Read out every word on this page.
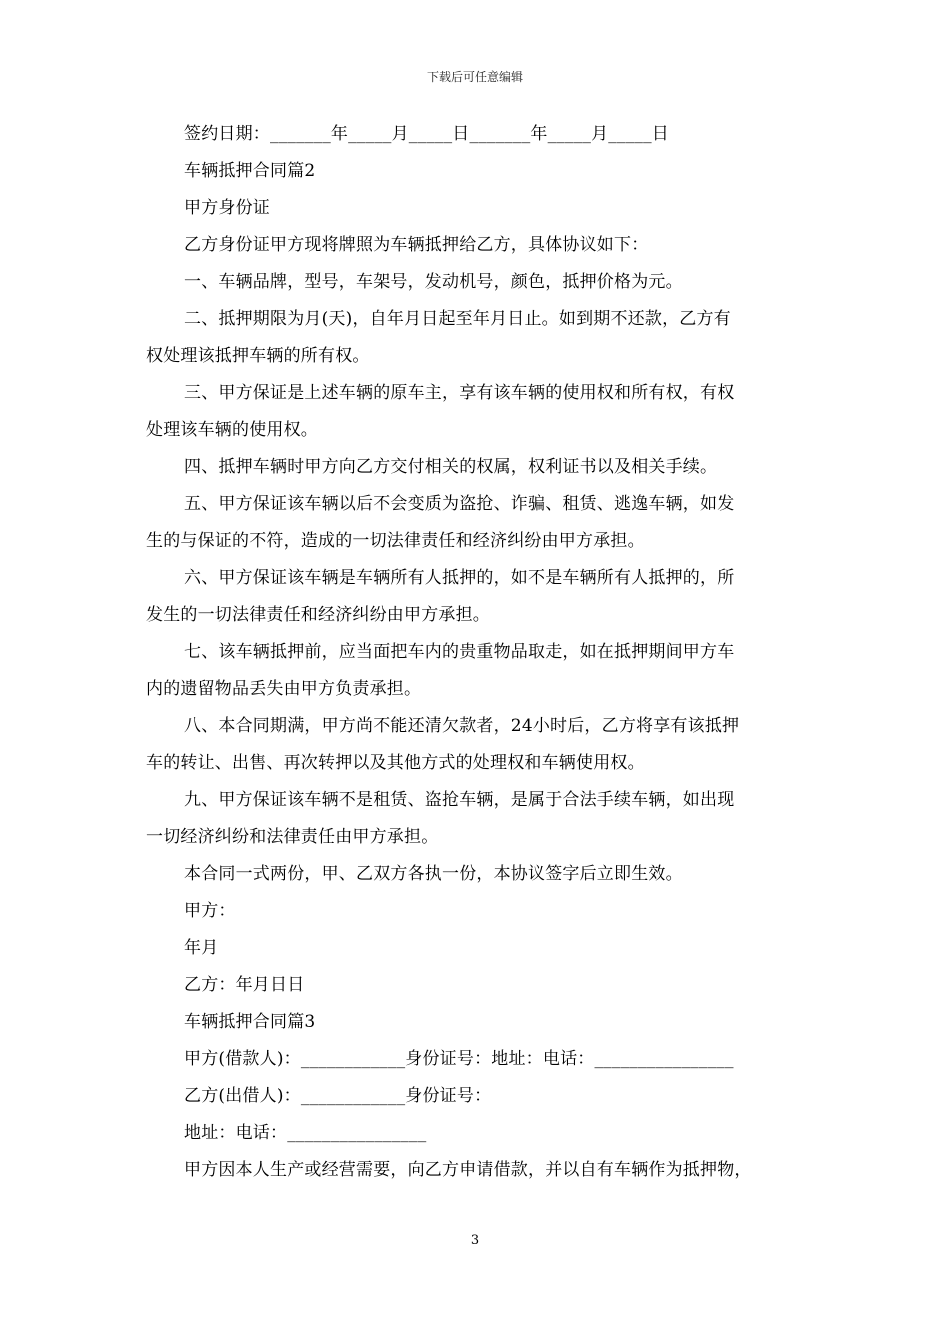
下载后可任意编辑
签约日期：_______年_____月_____日_______年_____月_____日
车辆抵押合同篇2
甲方身份证
乙方身份证甲方现将牌照为车辆抵押给乙方，具体协议如下：
一、车辆品牌，型号，车架号，发动机号，颜色，抵押价格为元。
二、抵押期限为月(天)，自年月日起至年月日止。如到期不还款，乙方有
权处理该抵押车辆的所有权。
三、甲方保证是上述车辆的原车主，享有该车辆的使用权和所有权，有权
处理该车辆的使用权。
四、抵押车辆时甲方向乙方交付相关的权属，权利证书以及相关手续。
五、甲方保证该车辆以后不会变质为盗抢、诈骗、租赁、逃逸车辆，如发
生的与保证的不符，造成的一切法律责任和经济纠纷由甲方承担。
六、甲方保证该车辆是车辆所有人抵押的，如不是车辆所有人抵押的，所
发生的一切法律责任和经济纠纷由甲方承担。
七、该车辆抵押前，应当面把车内的贵重物品取走，如在抵押期间甲方车
内的遗留物品丢失由甲方负责承担。
八、本合同期满，甲方尚不能还清欠款者，24小时后，乙方将享有该抵押
车的转让、出售、再次转押以及其他方式的处理权和车辆使用权。
九、甲方保证该车辆不是租赁、盗抢车辆，是属于合法手续车辆，如出现
一切经济纠纷和法律责任由甲方承担。
本合同一式两份，甲、乙双方各执一份，本协议签字后立即生效。
甲方：
年月
乙方：年月日日
车辆抵押合同篇3
甲方(借款人)：____________身份证号：地址：电话：________________
乙方(出借人)：____________身份证号：
地址：电话：________________
甲方因本人生产或经营需要，向乙方申请借款，并以自有车辆作为抵押物，
3
